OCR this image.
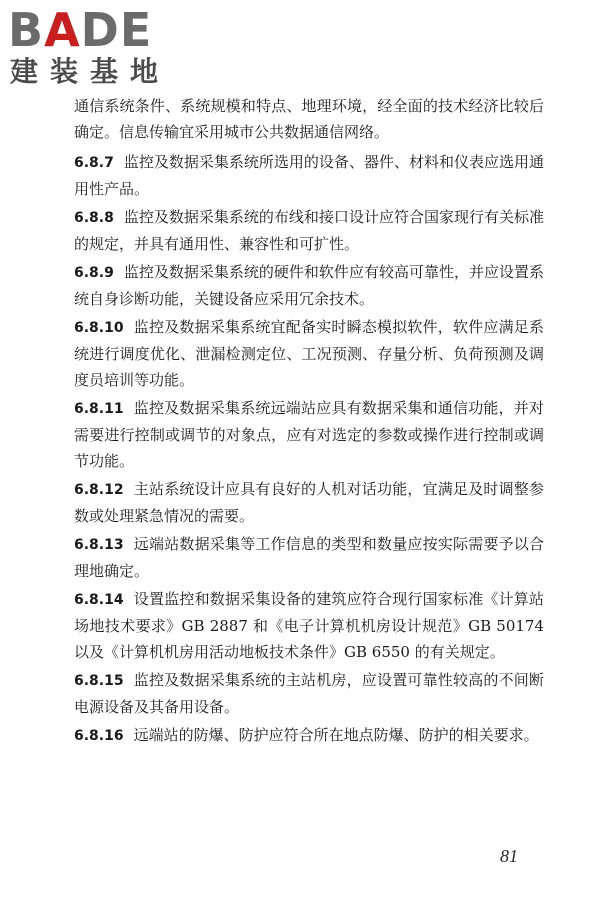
BADE
建装基地

通信系统条件、系统规模和特点、地理环境，经全面的技术经济比较后确定。信息传输宜采用城市公共数据通信网络。

6.8.7 监控及数据采集系统所选用的设备、器件、材料和仪表应选用通用性产品。

6.8.8 监控及数据采集系统的布线和接口设计应符合国家现行有关标准的规定，并具有通用性、兼容性和可扩性。

6.8.9 监控及数据采集系统的硬件和软件应有较高可靠性，并应设置系统自身诊断功能，关键设备应采用冗余技术。

6.8.10 监控及数据采集系统宜配备实时瞬态模拟软件，软件应满足系统进行调度优化、泄漏检测定位、工况预测、存量分析、负荷预测及调度员培训等功能。

6.8.11 监控及数据采集系统远端站应具有数据采集和通信功能，并对需要进行控制或调节的对象点，应有对选定的参数或操作进行控制或调节功能。

6.8.12 主站系统设计应具有良好的人机对话功能，宜满足及时调整参数或处理紧急情况的需要。

6.8.13 远端站数据采集等工作信息的类型和数量应按实际需要予以合理地确定。

6.8.14 设置监控和数据采集设备的建筑应符合现行国家标准《计算站场地技术要求》GB 2887 和《电子计算机机房设计规范》GB 50174 以及《计算机机房用活动地板技术条件》GB 6550 的有关规定。

6.8.15 监控及数据采集系统的主站机房，应设置可靠性较高的不间断电源设备及其备用设备。

6.8.16 远端站的防爆、防护应符合所在地点防爆、防护的相关要求。

81
